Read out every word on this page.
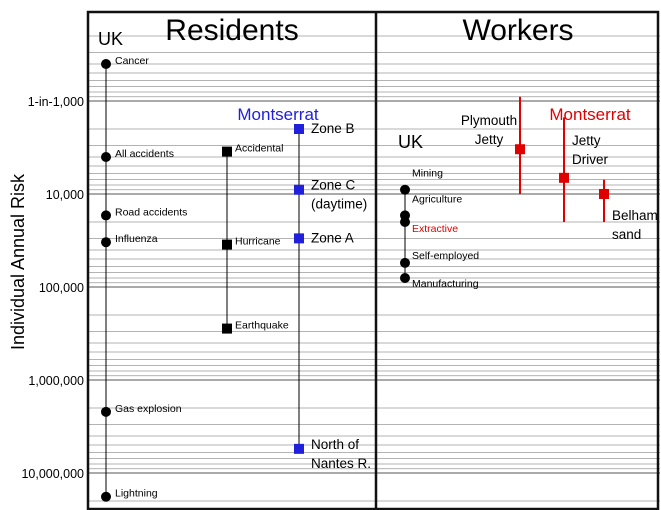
1-in-1,000
10,000
100,000
1,000,000
10,000,000
Individual Annual Risk
Residents	Workers
Cancer
All accidents
Road accidents
Influenza
Gas explosion
Lightning
UK
Accidental
Hurricane
Earthquake
Zone B
Zone C (daytime)
Zone A
North of Nantes R.
Montserrat
Mining
Agriculture
Extractive
Self-employed
Manufacturing
UK
Plymouth Jetty	Jetty Driver
Belham sand
Montserrat
